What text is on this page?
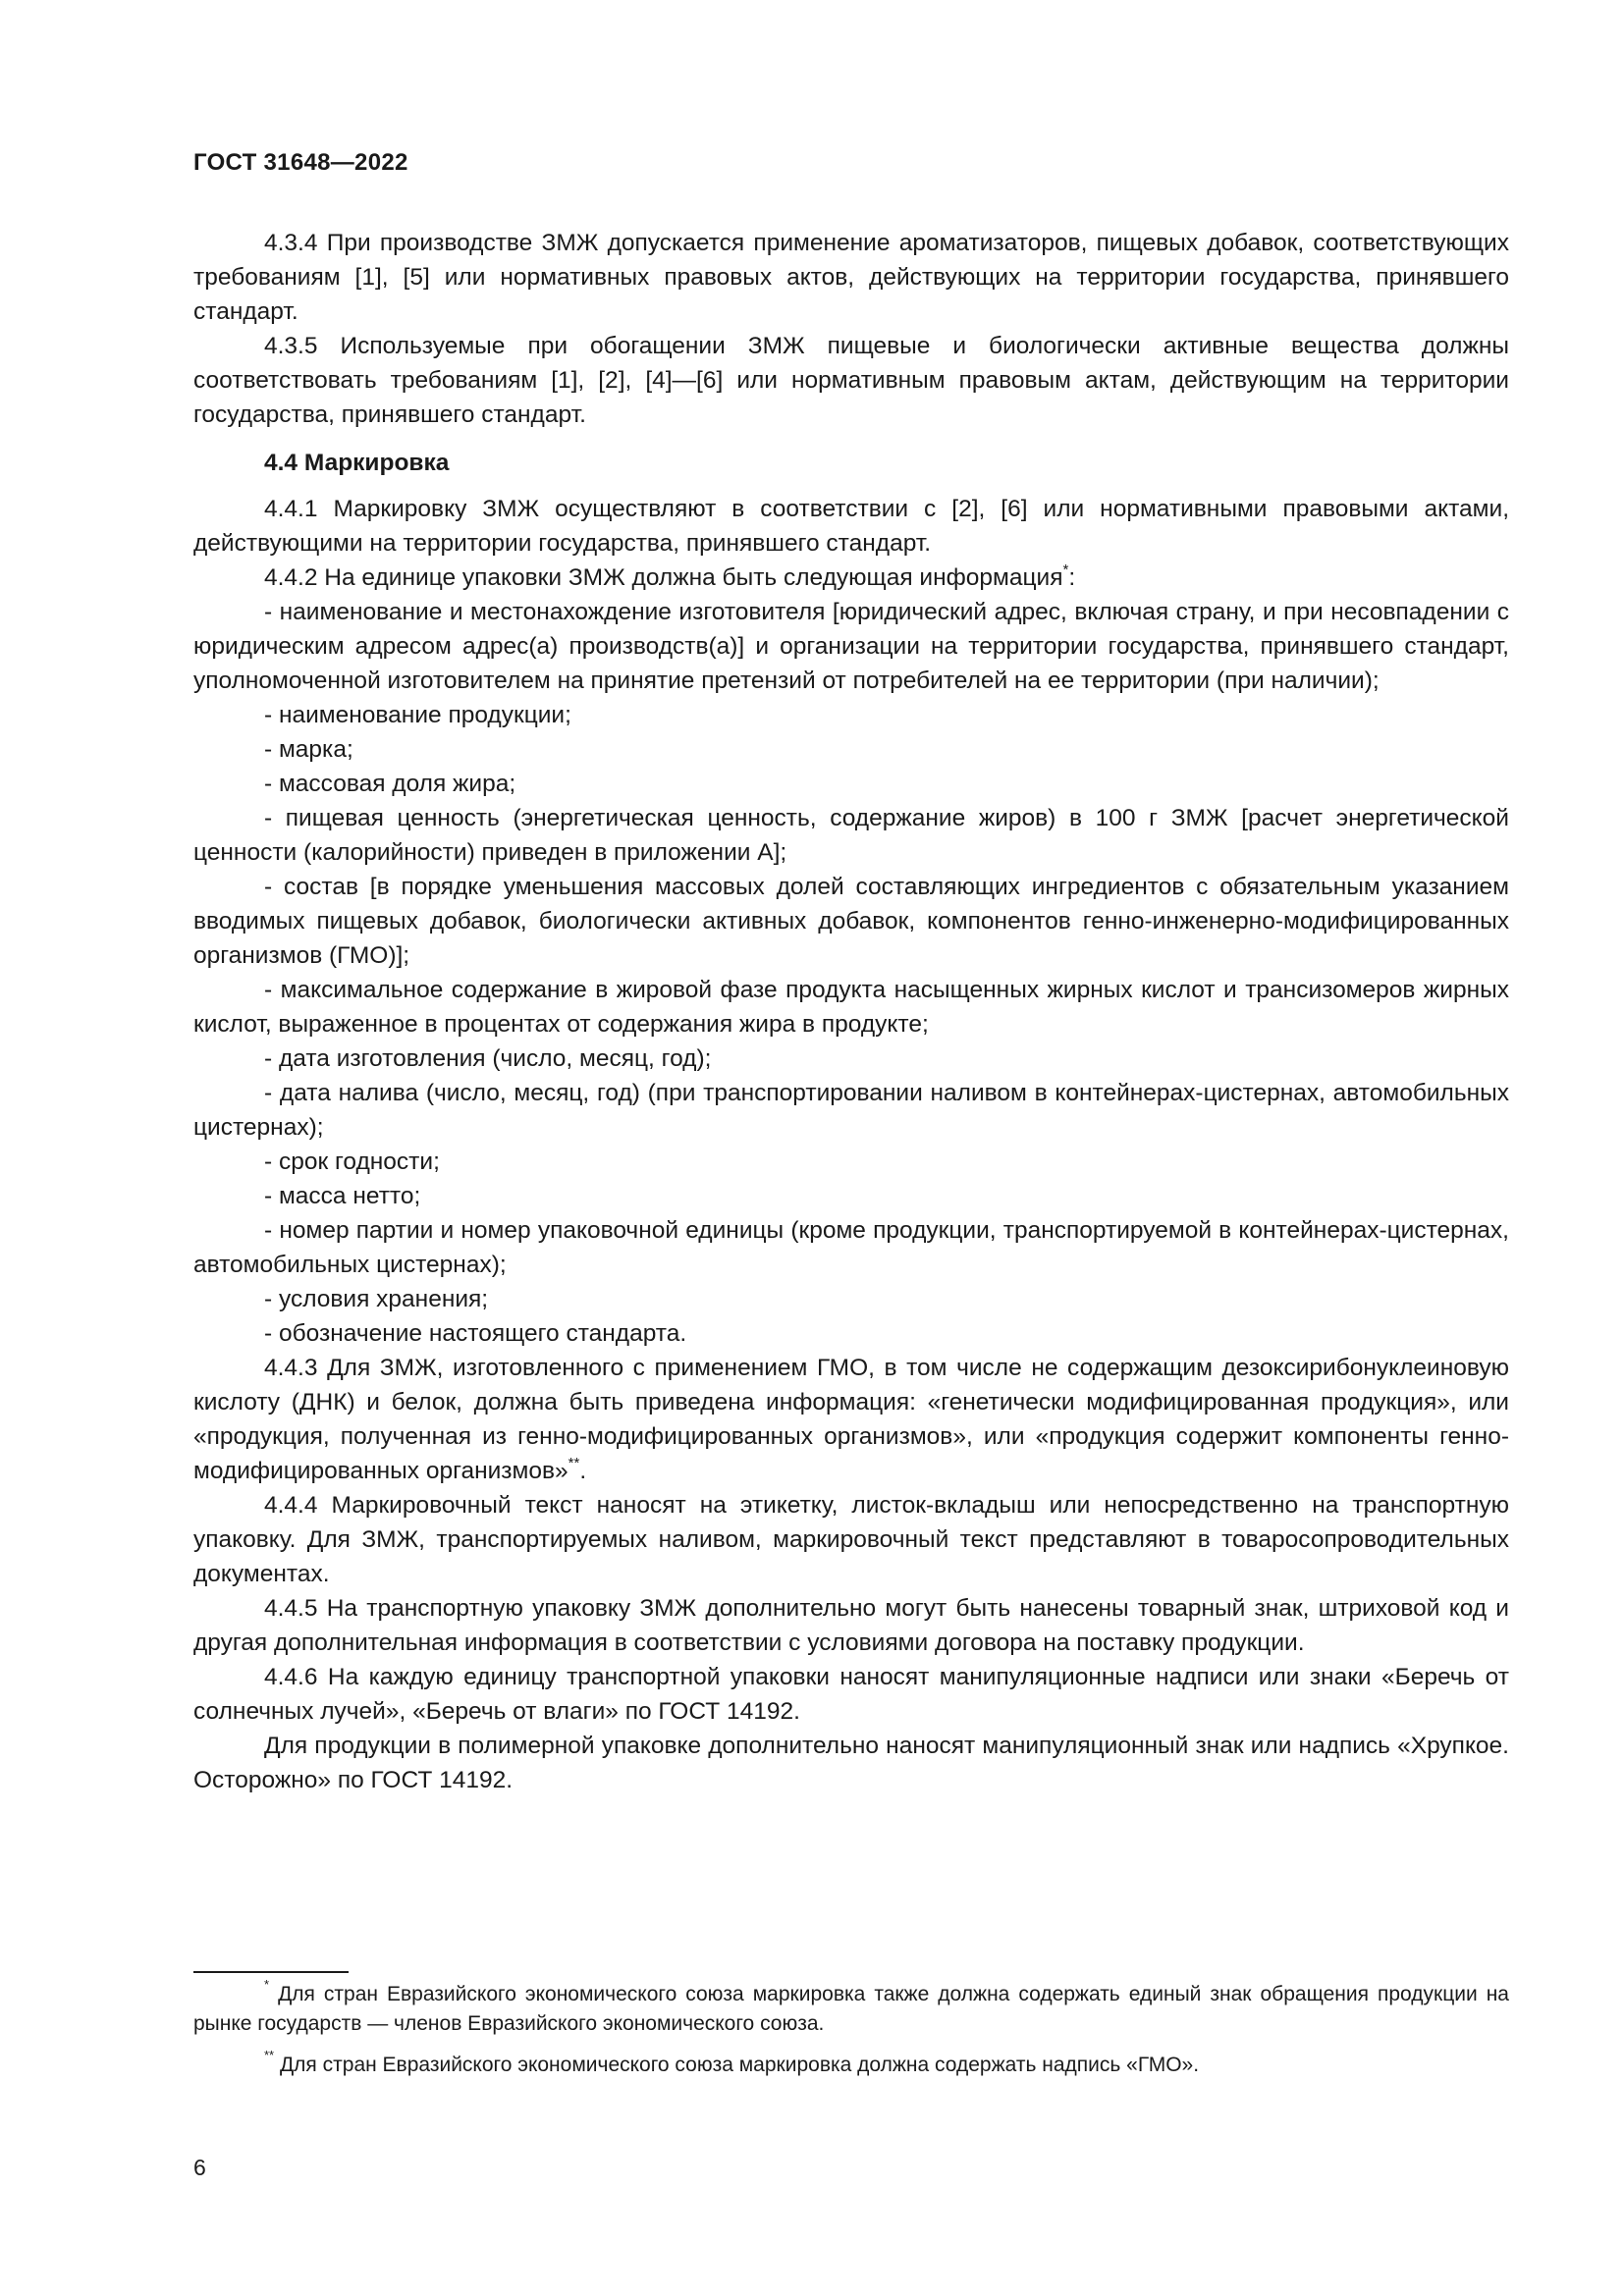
ГОСТ 31648—2022

4.3.4 При производстве ЗМЖ допускается применение ароматизаторов, пищевых добавок, соответствующих требованиям [1], [5] или нормативных правовых актов, действующих на территории государства, принявшего стандарт.

4.3.5 Используемые при обогащении ЗМЖ пищевые и биологически активные вещества должны соответствовать требованиям [1], [2], [4]—[6] или нормативным правовым актам, действующим на территории государства, принявшего стандарт.

4.4 Маркировка

4.4.1 Маркировку ЗМЖ осуществляют в соответствии с [2], [6] или нормативными правовыми актами, действующими на территории государства, принявшего стандарт.

4.4.2 На единице упаковки ЗМЖ должна быть следующая информация*:

- наименование и местонахождение изготовителя [юридический адрес, включая страну, и при несовпадении с юридическим адресом адрес(а) производств(а)] и организации на территории государства, принявшего стандарт, уполномоченной изготовителем на принятие претензий от потребителей на ее территории (при наличии);

- наименование продукции;

- марка;

- массовая доля жира;

- пищевая ценность (энергетическая ценность, содержание жиров) в 100 г ЗМЖ [расчет энергетической ценности (калорийности) приведен в приложении А];

- состав [в порядке уменьшения массовых долей составляющих ингредиентов с обязательным указанием вводимых пищевых добавок, биологически активных добавок, компонентов генно-инженерно-модифицированных организмов (ГМО)];

- максимальное содержание в жировой фазе продукта насыщенных жирных кислот и трансизомеров жирных кислот, выраженное в процентах от содержания жира в продукте;

- дата изготовления (число, месяц, год);

- дата налива (число, месяц, год) (при транспортировании наливом в контейнерах-цистернах, автомобильных цистернах);

- срок годности;

- масса нетто;

- номер партии и номер упаковочной единицы (кроме продукции, транспортируемой в контейнерах-цистернах, автомобильных цистернах);

- условия хранения;

- обозначение настоящего стандарта.

4.4.3 Для ЗМЖ, изготовленного с применением ГМО, в том числе не содержащим дезоксирибонуклеиновую кислоту (ДНК) и белок, должна быть приведена информация: «генетически модифицированная продукция», или «продукция, полученная из генно-модифицированных организмов», или «продукция содержит компоненты генно-модифицированных организмов»**.

4.4.4 Маркировочный текст наносят на этикетку, листок-вкладыш или непосредственно на транспортную упаковку. Для ЗМЖ, транспортируемых наливом, маркировочный текст представляют в товаросопроводительных документах.

4.4.5 На транспортную упаковку ЗМЖ дополнительно могут быть нанесены товарный знак, штриховой код и другая дополнительная информация в соответствии с условиями договора на поставку продукции.

4.4.6 На каждую единицу транспортной упаковки наносят манипуляционные надписи или знаки «Беречь от солнечных лучей», «Беречь от влаги» по ГОСТ 14192.

Для продукции в полимерной упаковке дополнительно наносят манипуляционный знак или надпись «Хрупкое. Осторожно» по ГОСТ 14192.

* Для стран Евразийского экономического союза маркировка также должна содержать единый знак обращения продукции на рынке государств — членов Евразийского экономического союза.

** Для стран Евразийского экономического союза маркировка должна содержать надпись «ГМО».

6
